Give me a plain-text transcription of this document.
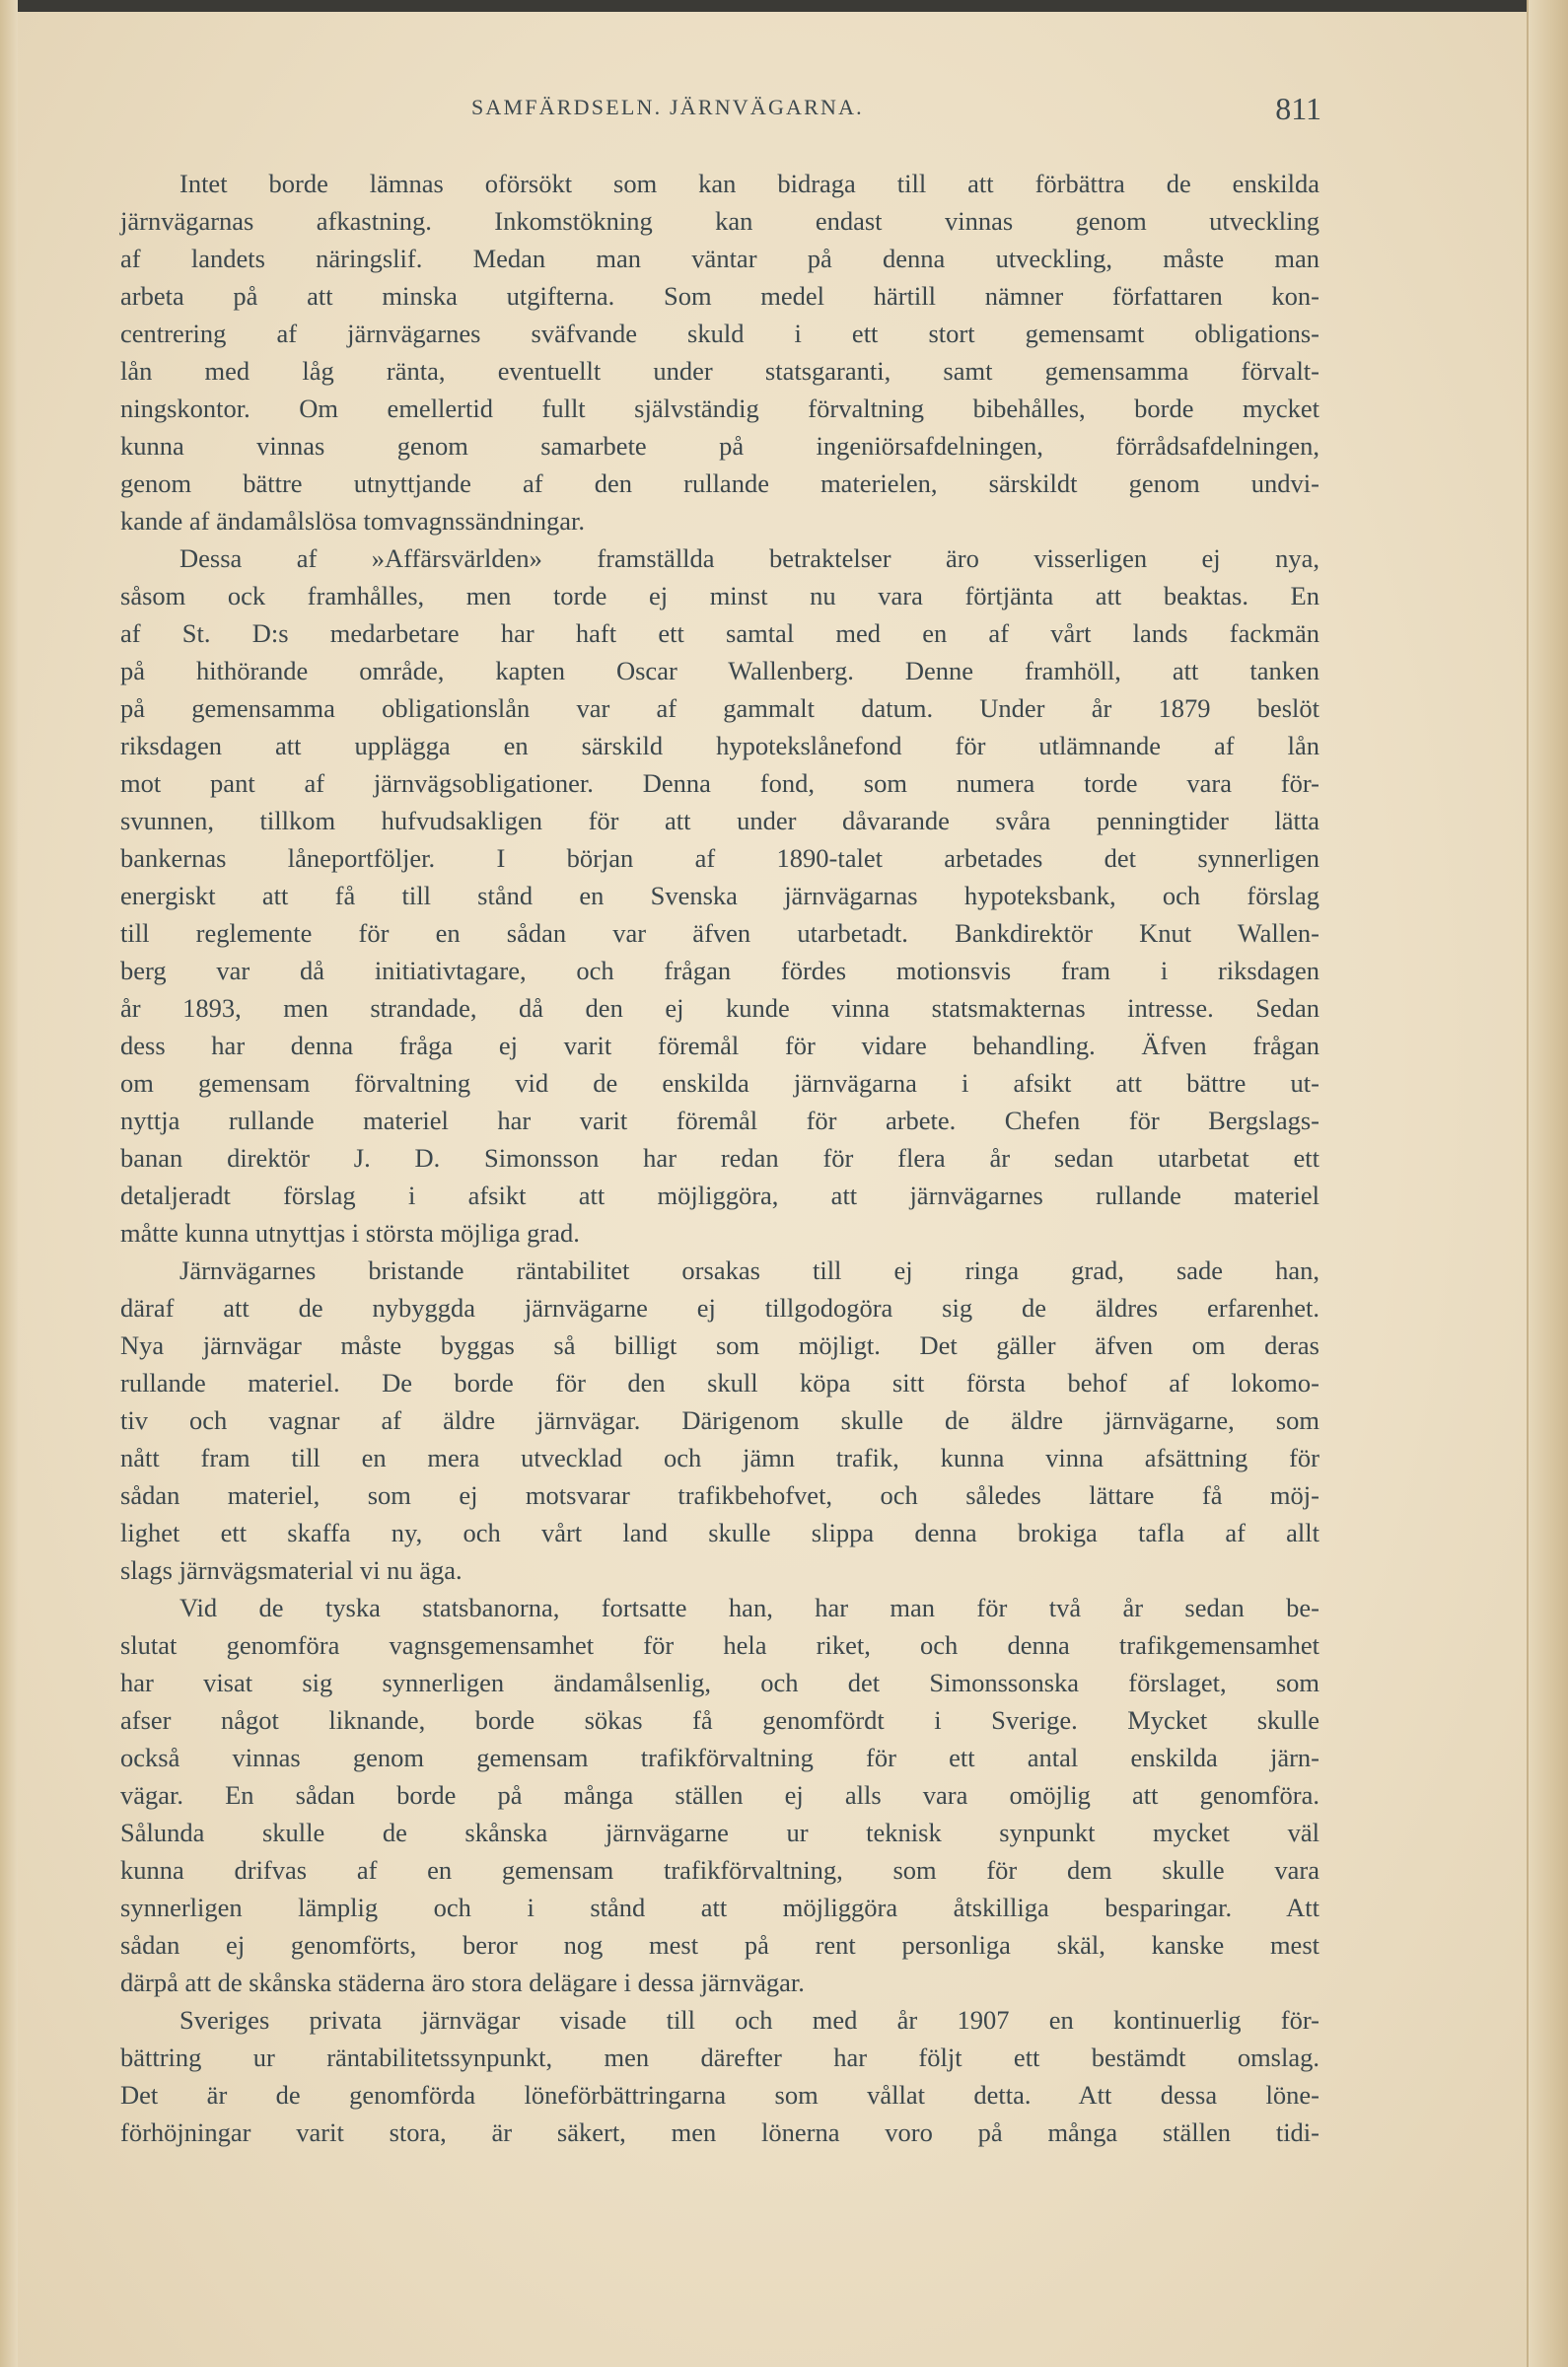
SAMFÄRDSELN. JÄRNVÄGARNA.	811
Intet borde lämnas oförsökt som kan bidraga till att förbättra de enskilda
järnvägarnas afkastning. Inkomstökning kan endast vinnas genom utveckling
af landets näringslif. Medan man väntar på denna utveckling, måste man
arbeta på att minska utgifterna. Som medel härtill nämner författaren kon-
centrering af järnvägarnes sväfvande skuld i ett stort gemensamt obligations-
lån med låg ränta, eventuellt under statsgaranti, samt gemensamma förvalt-
ningskontor. Om emellertid fullt självständig förvaltning bibehålles, borde mycket
kunna vinnas genom samarbete på ingeniörsafdelningen, förrådsafdelningen,
genom bättre utnyttjande af den rullande materielen, särskildt genom undvi-
kande af ändamålslösa tomvagnssändningar.
Dessa af »Affärsvärlden» framställda betraktelser äro visserligen ej nya,
såsom ock framhålles, men torde ej minst nu vara förtjänta att beaktas. En
af St. D:s medarbetare har haft ett samtal med en af vårt lands fackmän
på hithörande område, kapten Oscar Wallenberg. Denne framhöll, att tanken
på gemensamma obligationslån var af gammalt datum. Under år 1879 beslöt
riksdagen att upplägga en särskild hypotekslånefond för utlämnande af lån
mot pant af järnvägsobligationer. Denna fond, som numera torde vara för-
svunnen, tillkom hufvudsakligen för att under dåvarande svåra penningtider lätta
bankernas låneportföljer. I början af 1890-talet arbetades det synnerligen
energiskt att få till stånd en Svenska järnvägarnas hypoteksbank, och förslag
till reglemente för en sådan var äfven utarbetadt. Bankdirektör Knut Wallen-
berg var då initiativtagare, och frågan fördes motionsvis fram i riksdagen
år 1893, men strandade, då den ej kunde vinna statsmakternas intresse. Sedan
dess har denna fråga ej varit föremål för vidare behandling. Äfven frågan
om gemensam förvaltning vid de enskilda järnvägarna i afsikt att bättre ut-
nyttja rullande materiel har varit föremål för arbete. Chefen för Bergslags-
banan direktör J. D. Simonsson har redan för flera år sedan utarbetat ett
detaljeradt förslag i afsikt att möjliggöra, att järnvägarnes rullande materiel
måtte kunna utnyttjas i största möjliga grad.
Järnvägarnes bristande räntabilitet orsakas till ej ringa grad, sade han,
däraf att de nybyggda järnvägarne ej tillgodogöra sig de äldres erfarenhet.
Nya järnvägar måste byggas så billigt som möjligt. Det gäller äfven om deras
rullande materiel. De borde för den skull köpa sitt första behof af lokomo-
tiv och vagnar af äldre järnvägar. Därigenom skulle de äldre järnvägarne, som
nått fram till en mera utvecklad och jämn trafik, kunna vinna afsättning för
sådan materiel, som ej motsvarar trafikbehofvet, och således lättare få möj-
lighet ett skaffa ny, och vårt land skulle slippa denna brokiga tafla af allt
slags järnvägsmaterial vi nu äga.
Vid de tyska statsbanorna, fortsatte han, har man för två år sedan be-
slutat genomföra vagnsgemensamhet för hela riket, och denna trafikgemensamhet
har visat sig synnerligen ändamålsenlig, och det Simonssonska förslaget, som
afser något liknande, borde sökas få genomfördt i Sverige. Mycket skulle
också vinnas genom gemensam trafikförvaltning för ett antal enskilda järn-
vägar. En sådan borde på många ställen ej alls vara omöjlig att genomföra.
Sålunda skulle de skånska järnvägarne ur teknisk synpunkt mycket väl
kunna drifvas af en gemensam trafikförvaltning, som för dem skulle vara
synnerligen lämplig och i stånd att möjliggöra åtskilliga besparingar. Att
sådan ej genomförts, beror nog mest på rent personliga skäl, kanske mest
därpå att de skånska städerna äro stora delägare i dessa järnvägar.
Sveriges privata järnvägar visade till och med år 1907 en kontinuerlig för-
bättring ur räntabilitetssynpunkt, men därefter har följt ett bestämdt omslag.
Det är de genomförda löneförbättringarna som vållat detta. Att dessa löne-
förhöjningar varit stora, är säkert, men lönerna voro på många ställen tidi-
